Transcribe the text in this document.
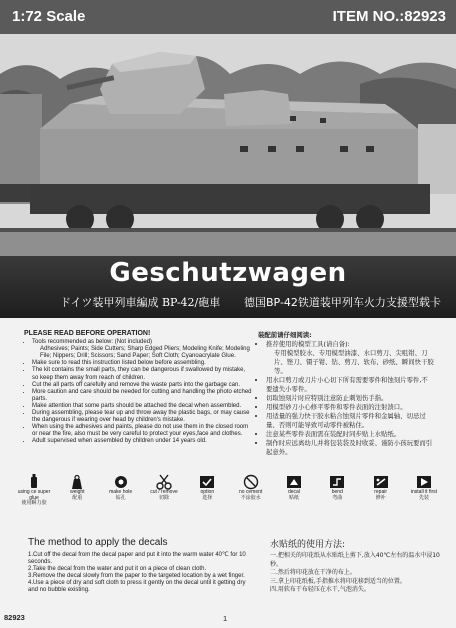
1:72 Scale	ITEM NO.:82923
Geschutzwagen
ドイツ装甲列車編成 BP-42/砲車 德国BP-42铁道装甲列车火力支援型载卡
PLEASE READ BEFORE OPERATION!
• Tools recommended as below: (Not included)
Adhesives; Paints; Side Cutters; Sharp Edged Pliers; Modeling Knife; Modeling File; Nippers; Drill; Scissors; Sand Paper; Soft Cloth; Cyanoacrylate Glue.
• Make sure to read this instruction listed below before assembling.
• The kit contains the small parts, they can be dangerous if swallowed by mistake, so keep them away from reach of children.
• Cut the all parts off carefully and remove the waste parts into the garbage can.
• More caution and care should be needed for cutting and handling the photo etched parts.
• Make attention that some parts should be attached the decal when assembled.
• During assembling, please tear up and throw away the plastic bags, or may cause the dangerous if wearing over head by children's mistake.
• When using the adhesives and paints, please do not use them in the closed room or near the fire, also must be very careful to protect your eyes,face and clothes.
• Adult supervised when assembled by children under 14 years old.
装配前请仔细阅读:
• 推荐使用的模型工具(请自备):
专用模型胶水、专用模型油漆、水口剪刀、尖咀钳、刀片、锉刀、镊子钳、钻、剪刀、软布、砂纸、瞬间快干胶等。
• 用水口剪刀或刀片小心切下所有需要零件和蚀刻片零件,不要遗失小零件。
• 切取蚀刻片时应特别注意防止刺划伤手指。
• 用模型砂刀小心修平零件和零件表面的注射溃口。
• 用适量的强力快干胶水粘合蚀刻片零件和金属轴、切忌过量、否则可能导致可动零件被粘住。
• 注意某些零件表面需在装配时同步贴上水贴纸。
• 制作时应远离幼儿并将包装袋及时收妥、谨防小孩玩要而引起意外。
using ce super glue
使用瞬力胶
weight
配重
make hole
钻孔
cut / remove
切除
option
选择
no cement
不涂胶水
decal
贴纸
bend
弯曲
repair
修补
install it first
先装
The method to apply the decals
1.Cut off the decal from the decal paper and put it into the warm water 40℃ for 10 seconds.
2.Take the decal from the water and put it on a piece of clean cloth.
3.Remove the decal slowly from the paper to the targeted location by a wet finger.
4.Use a piece of dry and soft cloth to press it gently on the decal until it getting dry and no bubble existing.
水贴纸的使用方法:
一.把相关的印花纸从水贴纸上剪下,放入40℃左右的温水中浸10秒。
二.然后将印花放在干净的布上。
三.拿上印花纸板,手指推水将印花移到适当的位置。
四.用软布干布轻压在水干,气泡消失。
82923	1
